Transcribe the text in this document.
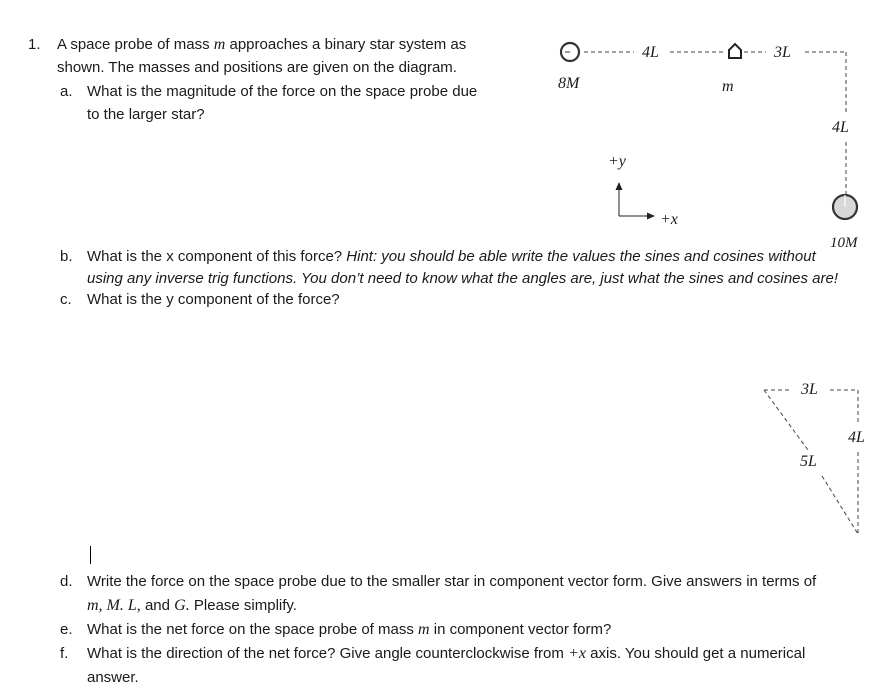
1. A space probe of mass m approaches a binary star system as
shown. The masses and positions are given on the diagram.
a. What is the magnitude of the force on the space probe due
to the larger star?
b. What is the x component of this force? Hint: you should be able write the values the sines and cosines without
using any inverse trig functions. You don’t need to know what the angles are, just what the sines and cosines are!
c. What is the y component of the force?
d. Write the force on the space probe due to the smaller star in component vector form. Give answers in terms of
m, M. L, and G. Please simplify.
e. What is the net force on the space probe of mass m in component vector form?
f. What is the direction of the net force? Give angle counterclockwise from +x axis. You should get a numerical
answer.
8M
4L	3L
m
4L
10M
+y
+x
3L
4L
5L
